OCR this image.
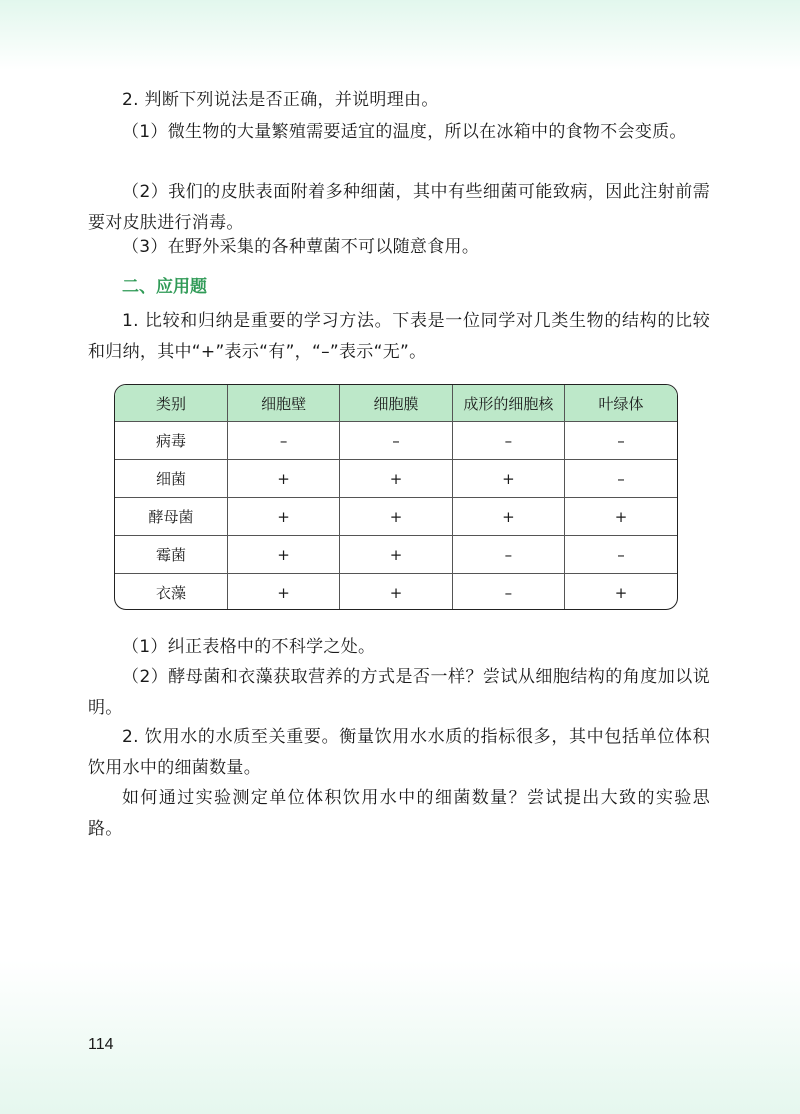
2. 判断下列说法是否正确，并说明理由。

（1）微生物的大量繁殖需要适宜的温度，所以在冰箱中的食物不会变质。

（2）我们的皮肤表面附着多种细菌，其中有些细菌可能致病，因此注射前需要对皮肤进行消毒。

（3）在野外采集的各种蕈菌不可以随意食用。

二、应用题

1. 比较和归纳是重要的学习方法。下表是一位同学对几类生物的结构的比较和归纳，其中“+”表示“有”，“–”表示“无”。

类别	细胞壁	细胞膜	成形的细胞核	叶绿体
病毒	–	–	–	–
细菌	+	+	+	–
酵母菌	+	+	+	+
霉菌	+	+	–	–
衣藻	+	+	–	+

（1）纠正表格中的不科学之处。

（2）酵母菌和衣藻获取营养的方式是否一样？尝试从细胞结构的角度加以说明。

2. 饮用水的水质至关重要。衡量饮用水水质的指标很多，其中包括单位体积饮用水中的细菌数量。

如何通过实验测定单位体积饮用水中的细菌数量？尝试提出大致的实验思路。

114
